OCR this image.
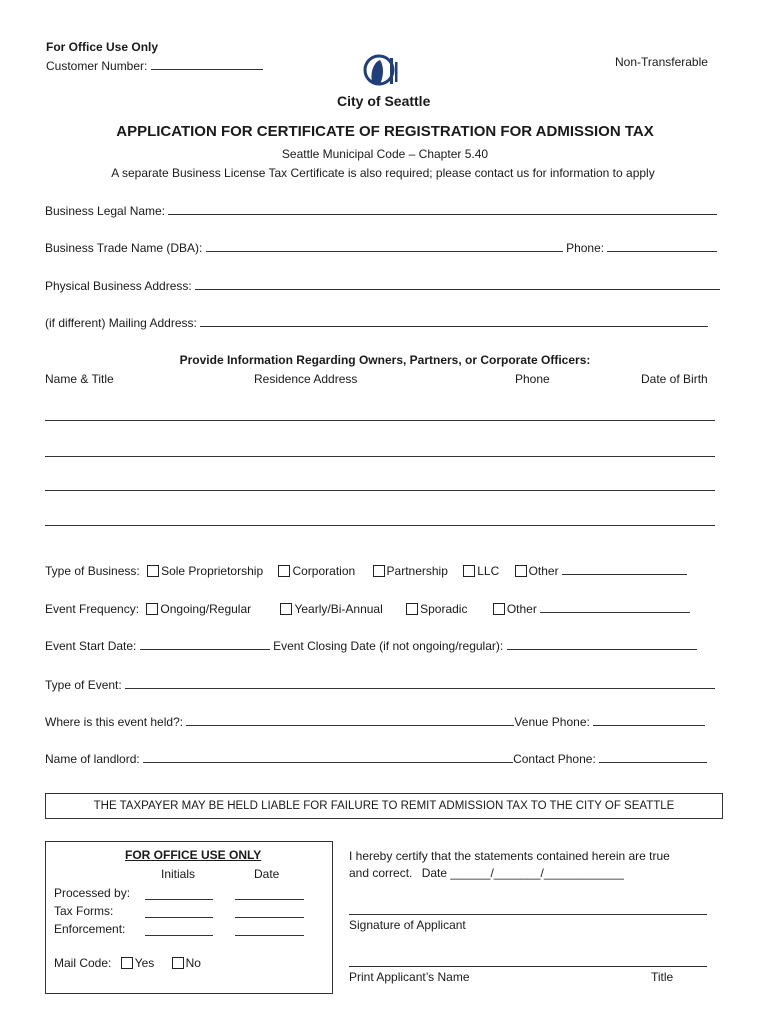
For Office Use Only
Customer Number:	Non-Transferable
City of Seattle
APPLICATION FOR CERTIFICATE OF REGISTRATION FOR ADMISSION TAX
Seattle Municipal Code – Chapter 5.40
A separate Business License Tax Certificate is also required; please contact us for information to apply
Business Legal Name:
Business Trade Name (DBA):	Phone:
Physical Business Address:
(if different) Mailing Address:
Provide Information Regarding Owners, Partners, or Corporate Officers:
Name & Title	Residence Address	Phone	Date of Birth
Type of Business: Sole Proprietorship Corporation	Partnership LLC Other
Event Frequency: Ongoing/Regular	Yearly/Bi-Annual	Sporadic	Other
Event Start Date:	Event Closing Date (if not ongoing/regular):
Type of Event:
Where is this event held?:	Venue Phone:
Name of landlord:	Contact Phone:
THE TAXPAYER MAY BE HELD LIABLE FOR FAILURE TO REMIT ADMISSION TAX TO THE CITY OF SEATTLE
FOR OFFICE USE ONLY
Initials	Date
Processed by:
Tax Forms:
Enforcement:
Mail Code: Yes	No
I hereby certify that the statements contained herein are true
and correct. Date ______/_______/____________
Signature of Applicant
Print Applicant’s Name	Title
